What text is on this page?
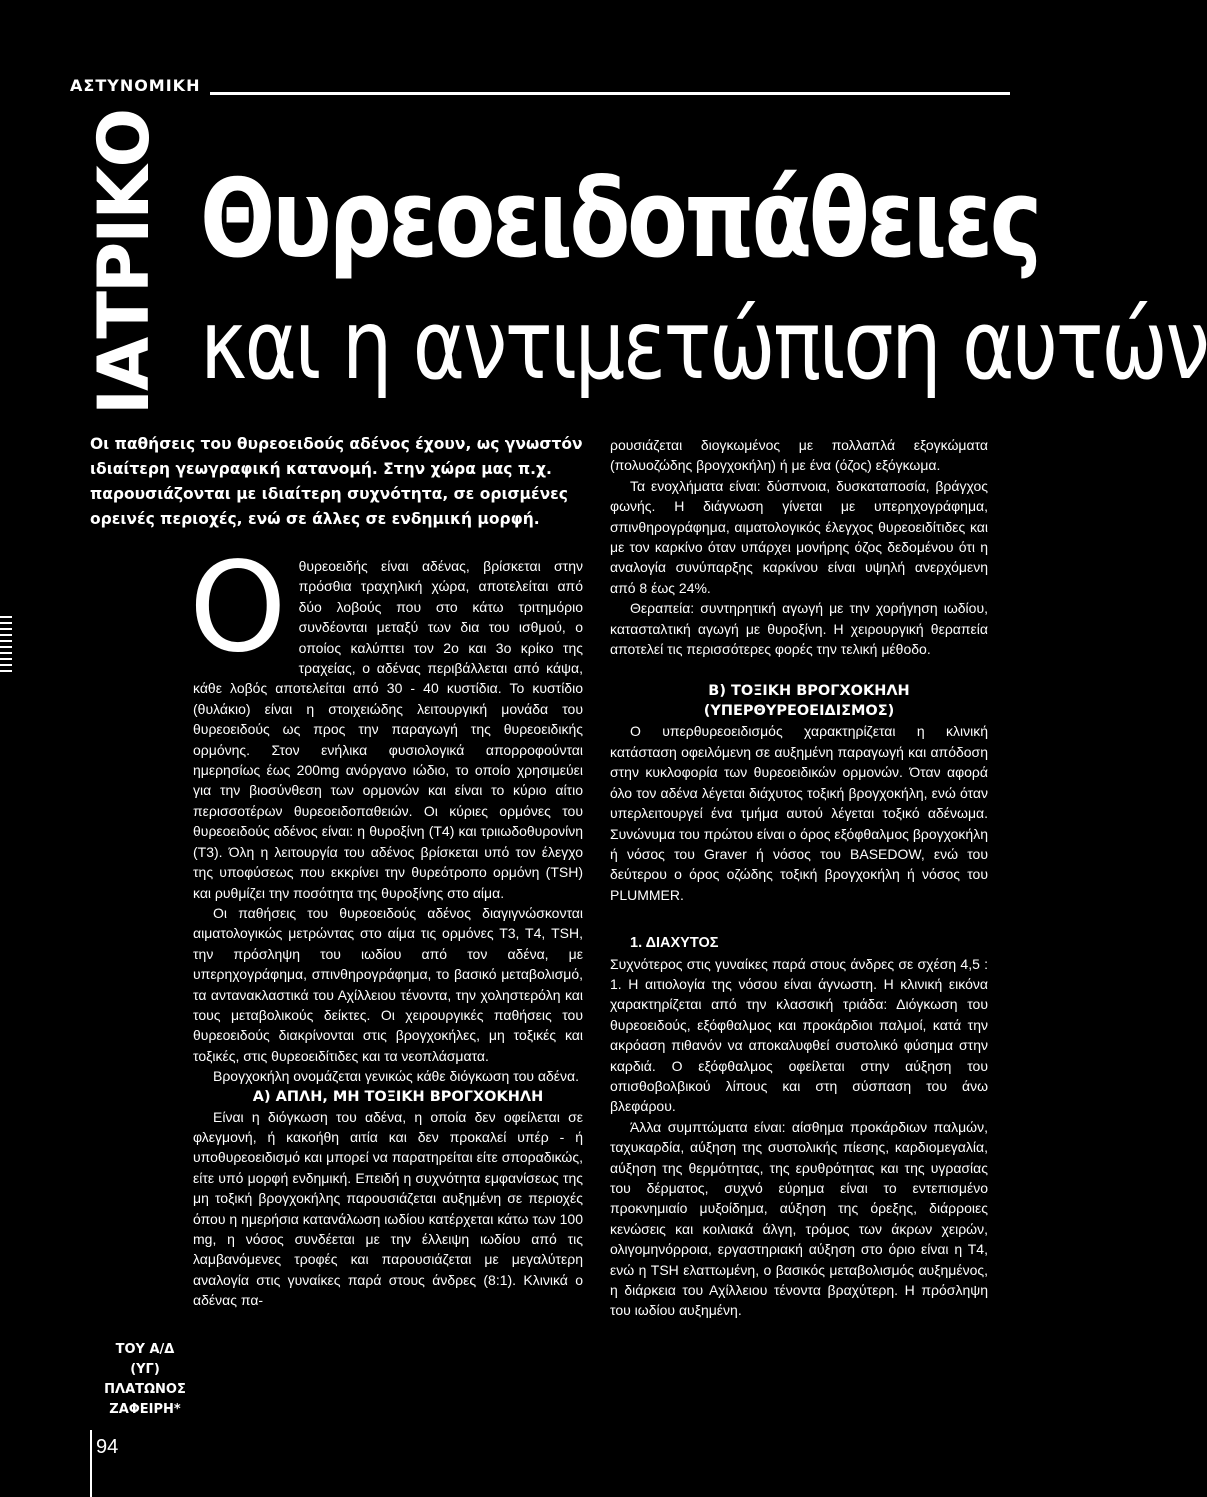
ΑΣΤΥΝΟΜΙΚΗ
ΙΑΤΡΙΚΟ Θυρεοειδοπάθειες
και η αντιμετώπιση αυτών
Οι παθήσεις του θυρεοειδούς αδένος έχουν, ως γνωστόν ιδιαίτερη γεωγραφική κατανομή. Στην χώρα μας π.χ. παρουσιάζονται με ιδιαίτερη συχνότητα, σε ορισμένες ορεινές περιοχές, ενώ σε άλλες σε ενδημική μορφή.
Ο θυρεοειδής είναι αδένας, βρίσκεται στην πρόσθια τραχηλική χώρα, αποτελείται από δύο λοβούς που στο κάτω τριτημόριο συνδέονται μεταξύ των δια του ισθμού, ο οποίος καλύπτει τον 2ο και 3ο κρίκο της τραχείας, ο αδένας περιβάλλεται από κάψα, κάθε λοβός αποτελείται από 30 - 40 κυστίδια. Το κυστίδιο (θυλάκιο) είναι η στοιχειώδης λειτουργική μονάδα του θυρεοειδούς ως προς την παραγωγή της θυρεοειδικής ορμόνης. Στον ενήλικα φυσιολογικά απορροφούνται ημερησίως έως 200mg ανόργανο ιώδιο, το οποίο χρησιμεύει για την βιοσύνθεση των ορμονών και είναι το κύριο αίτιο περισσοτέρων θυρεοειδοπαθειών. Οι κύριες ορμόνες του θυρεοειδούς αδένος είναι: η θυροξίνη (Τ4) και τριιωδοθυρονίνη (Τ3). Όλη η λειτουργία του αδένος βρίσκεται υπό τον έλεγχο της υποφύσεως που εκκρίνει την θυρεότροπο ορμόνη (TSH) και ρυθμίζει την ποσότητα της θυροξίνης στο αίμα.

Οι παθήσεις του θυρεοειδούς αδένος διαγιγνώσκονται αιματολογικώς μετρώντας στο αίμα τις ορμόνες Τ3, Τ4, TSH, την πρόσληψη του ιωδίου από τον αδένα, με υπερηχογράφημα, σπινθηρογράφημα, το βασικό μεταβολισμό, τα αντανακλαστικά του Αχίλλειου τένοντα, την χοληστερόλη και τους μεταβολικούς δείκτες. Οι χειρουργικές παθήσεις του θυρεοειδούς διακρίνονται στις βρογχοκήλες, μη τοξικές και τοξικές, στις θυρεοειδίτιδες και τα νεοπλάσματα.

Βρογχοκήλη ονομάζεται γενικώς κάθε διόγκωση του αδένα.

Α) ΑΠΛΗ, ΜΗ ΤΟΞΙΚΗ ΒΡΟΓΧΟΚΗΛΗ

Είναι η διόγκωση του αδένα, η οποία δεν οφείλεται σε φλεγμονή, ή κακοήθη αιτία και δεν προκαλεί υπέρ - ή υποθυρεοειδισμό και μπορεί να παρατηρείται είτε σποραδικώς, είτε υπό μορφή ενδημική. Επειδή η συχνότητα εμφανίσεως της μη τοξική βρογχοκήλης παρουσιάζεται αυξημένη σε περιοχές όπου η ημερήσια κατανάλωση ιωδίου κατέρχεται κάτω των 100 mg, η νόσος συνδέεται με την έλλειψη ιωδίου από τις λαμβανόμενες τροφές και παρουσιάζεται με μεγαλύτερη αναλογία στις γυναίκες παρά στους άνδρες (8:1). Κλινικά ο αδένας πα-

ρουσιάζεται διογκωμένος με πολλαπλά εξογκώματα (πολυοζώδης βρογχοκήλη) ή με ένα (όζος) εξόγκωμα.

Τα ενοχλήματα είναι: δύσπνοια, δυσκαταποσία, βράγχος φωνής. Η διάγνωση γίνεται με υπερηχογράφημα, σπινθηρογράφημα, αιματολογικός έλεγχος θυρεοειδίτιδες και με τον καρκίνο όταν υπάρχει μονήρης όζος δεδομένου ότι η αναλογία συνύπαρξης καρκίνου είναι υψηλή ανερχόμενη από 8 έως 24%.

Θεραπεία: συντηρητική αγωγή με την χορήγηση ιωδίου, κατασταλτική αγωγή με θυροξίνη. Η χειρουργική θεραπεία αποτελεί τις περισσότερες φορές την τελική μέθοδο.

Β) ΤΟΞΙΚΗ ΒΡΟΓΧΟΚΗΛΗ (ΥΠΕΡΘΥΡΕΟΕΙΔΙΣΜΟΣ)

Ο υπερθυρεοειδισμός χαρακτηρίζεται η κλινική κατάσταση οφειλόμενη σε αυξημένη παραγωγή και απόδοση στην κυκλοφορία των θυρεοειδικών ορμονών. Όταν αφορά όλο τον αδένα λέγεται διάχυτος τοξική βρογχοκήλη, ενώ όταν υπερλειτουργεί ένα τμήμα αυτού λέγεται τοξικό αδένωμα. Συνώνυμα του πρώτου είναι ο όρος εξόφθαλμος βρογχοκήλη ή νόσος του Graver ή νόσος του BASEDOW, ενώ του δεύτερου ο όρος οζώδης τοξική βρογχοκήλη ή νόσος του PLUMMER.

1. ΔΙΑΧΥΤΟΣ

Συχνότερος στις γυναίκες παρά στους άνδρες σε σχέση 4,5 : 1. Η αιτιολογία της νόσου είναι άγνωστη. Η κλινική εικόνα χαρακτηρίζεται από την κλασσική τριάδα: Διόγκωση του θυρεοειδούς, εξόφθαλμος και προκάρδιοι παλμοί, κατά την ακρόαση πιθανόν να αποκαλυφθεί συστολικό φύσημα στην καρδιά. Ο εξόφθαλμος οφείλεται στην αύξηση του οπισθοβολβικού λίπους και στη σύσπαση του άνω βλεφάρου.

Άλλα συμπτώματα είναι: αίσθημα προκάρδιων παλμών, ταχυκαρδία, αύξηση της συστολικής πίεσης, καρδιομεγαλία, αύξηση της θερμότητας, της ερυθρότητας και της υγρασίας του δέρματος, συχνό εύρημα είναι το εντεπισμένο προκνημιαίο μυξοίδημα, αύξηση της όρεξης, διάρροιες κενώσεις και κοιλιακά άλγη, τρόμος των άκρων χειρών, ολιγομηνόρροια, εργαστηριακή αύξηση στο όριο είναι η Τ4, ενώ η TSH ελαττωμένη, ο βασικός μεταβολισμός αυξημένος, η διάρκεια του Αχίλλειου τένοντα βραχύτερη. Η πρόσληψη του ιωδίου αυξημένη.

ΤΟΥ Α/Δ (ΥΓ)
ΠΛΑΤΩΝΟΣ
ΖΑΦΕΙΡΗ*
94
